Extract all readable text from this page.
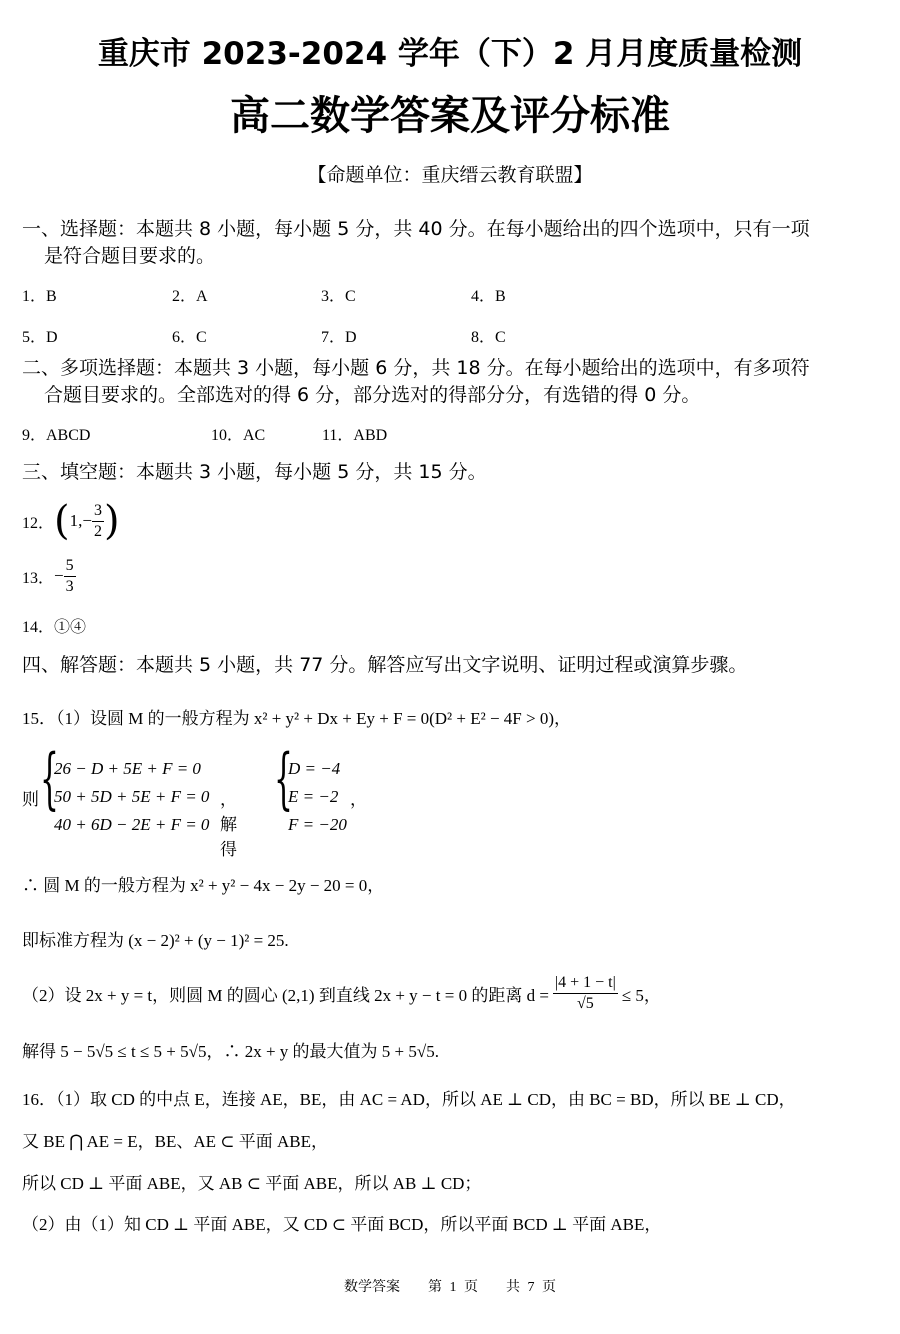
重庆市 2023-2024 学年（下）2 月月度质量检测
高二数学答案及评分标准
【命题单位：重庆缙云教育联盟】
一、选择题：本题共 8 小题，每小题 5 分，共 40 分。在每小题给出的四个选项中，只有一项
是符合题目要求的。
1．B	2．A	3．C	4．B
5．D	6．C	7．D	8．C
二、多项选择题：本题共 3 小题，每小题 6 分，共 18 分。在每小题给出的选项中，有多项符
合题目要求的。全部选对的得 6 分，部分选对的得部分分，有选错的得 0 分。
9．ABCD	10．AC	11．ABD
三、填空题：本题共 3 小题，每小题 5 分，共 15 分。
12． ( $1,- \frac{3}{2}$ )
13． − $\frac{5}{3}$
14．①④
四、解答题：本题共 5 小题，共 77 分。解答应写出文字说明、证明过程或演算步骤。
15．（1）设圆 M 的一般方程为 x² + y² + Dx + Ey + F = 0(D² + E² − 4F > 0)，
则 {
26 − D + 5E + F = 0
50 + 5D + 5E + F = 0
40 + 6D − 2E + F = 0
，解得
{
D = −4
E = −2
F = −20
，
∴ 圆 M 的一般方程为 x² + y² − 4x − 2y − 20 = 0，
即标准方程为 (x − 2)² + (y − 1)² = 25.
（2）设 2x + y = t，则圆 M 的圆心 (2,1) 到直线 2x + y − t = 0 的距离 $d = \frac{|4 + 1 - t|}{√5} \le 5$，
解得 5 − 5√5 ≤ t ≤ 5 + 5√5，∴ 2x + y 的最大值为 5 + 5√5.
16．（1）取 CD 的中点 E，连接 AE，BE，由 AC = AD，所以 AE ⊥ CD，由 BC = BD，所以 BE ⊥ CD，
又 BE ⋂ AE = E，BE、AE ⊂ 平面 ABE，
所以 CD ⊥ 平面 ABE，又 AB ⊂ 平面 ABE，所以 AB ⊥ CD；
（2）由（1）知 CD ⊥ 平面 ABE，又 CD ⊂ 平面 BCD，所以平面 BCD ⊥ 平面 ABE，
数学答案　　第 1 页　　共 7 页
